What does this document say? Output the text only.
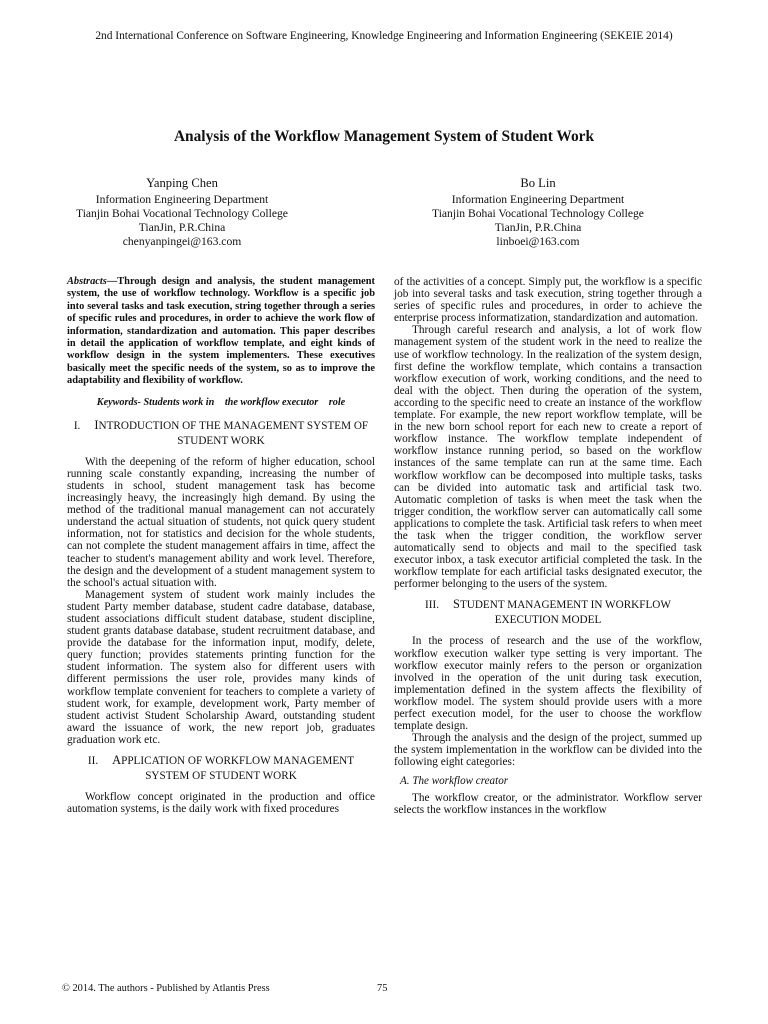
2nd International Conference on Software Engineering, Knowledge Engineering and Information Engineering (SEKEIE 2014)
Analysis of the Workflow Management System of Student Work
Yanping Chen
Information Engineering Department
Tianjin Bohai Vocational Technology College
TianJin, P.R.China
chenyanpingei@163.com
Bo Lin
Information Engineering Department
Tianjin Bohai Vocational Technology College
TianJin, P.R.China
linboei@163.com

Abstracts—Through design and analysis, the student management system, the use of workflow technology. Workflow is a specific job into several tasks and task execution, string together through a series of specific rules and procedures, in order to achieve the work flow of information, standardization and automation. This paper describes in detail the application of workflow template, and eight kinds of workflow design in the system implementers. These executives basically meet the specific needs of the system, so as to improve the adaptability and flexibility of workflow.

Keywords- Students work in the workflow executor role
I. INTRODUCTION OF THE MANAGEMENT SYSTEM OF STUDENT WORK

With the deepening of the reform of higher education, school running scale constantly expanding, increasing the number of students in school, student management task has become increasingly heavy, the increasingly high demand. By using the method of the traditional manual management can not accurately understand the actual situation of students, not quick query student information, not for statistics and decision for the whole students, can not complete the student management affairs in time, affect the teacher to student's management ability and work level. Therefore, the design and the development of a student management system to the school's actual situation with.

Management system of student work mainly includes the student Party member database, student cadre database, database, student associations difficult student database, student discipline, student grants database database, student recruitment database, and provide the database for the information input, modify, delete, query function; provides statements printing function for the student information. The system also for different users with different permissions the user role, provides many kinds of workflow template convenient for teachers to complete a variety of student work, for example, development work, Party member of student activist Student Scholarship Award, outstanding student award the issuance of work, the new report job, graduates graduation work etc.

II. APPLICATION OF WORKFLOW MANAGEMENT SYSTEM OF STUDENT WORK

Workflow concept originated in the production and office automation systems, is the daily work with fixed procedures

of the activities of a concept. Simply put, the workflow is a specific job into several tasks and task execution, string together through a series of specific rules and procedures, in order to achieve the enterprise process informatization, standardization and automation.

Through careful research and analysis, a lot of work flow management system of the student work in the need to realize the use of workflow technology. In the realization of the system design, first define the workflow template, which contains a transaction workflow execution of work, working conditions, and the need to deal with the object. Then during the operation of the system, according to the specific need to create an instance of the workflow template. For example, the new report workflow template, will be in the new born school report for each new to create a report of workflow instance. The workflow template independent of workflow instance running period, so based on the workflow instances of the same template can run at the same time. Each workflow workflow can be decomposed into multiple tasks, tasks can be divided into automatic task and artificial task two. Automatic completion of tasks is when meet the task when the trigger condition, the workflow server can automatically call some applications to complete the task. Artificial task refers to when meet the task when the trigger condition, the workflow server automatically send to objects and mail to the specified task executor inbox, a task executor artificial completed the task. In the workflow template for each artificial tasks designated executor, the performer belonging to the users of the system.

III. STUDENT MANAGEMENT IN WORKFLOW EXECUTION MODEL

In the process of research and the use of the workflow, workflow execution walker type setting is very important. The workflow executor mainly refers to the person or organization involved in the operation of the unit during task execution, implementation defined in the system affects the flexibility of workflow model. The system should provide users with a more perfect execution model, for the user to choose the workflow template design.

Through the analysis and the design of the project, summed up the system implementation in the workflow can be divided into the following eight categories:

A. The workflow creator

The workflow creator, or the administrator. Workflow server selects the workflow instances in the workflow

© 2014. The authors - Published by Atlantis Press	75
